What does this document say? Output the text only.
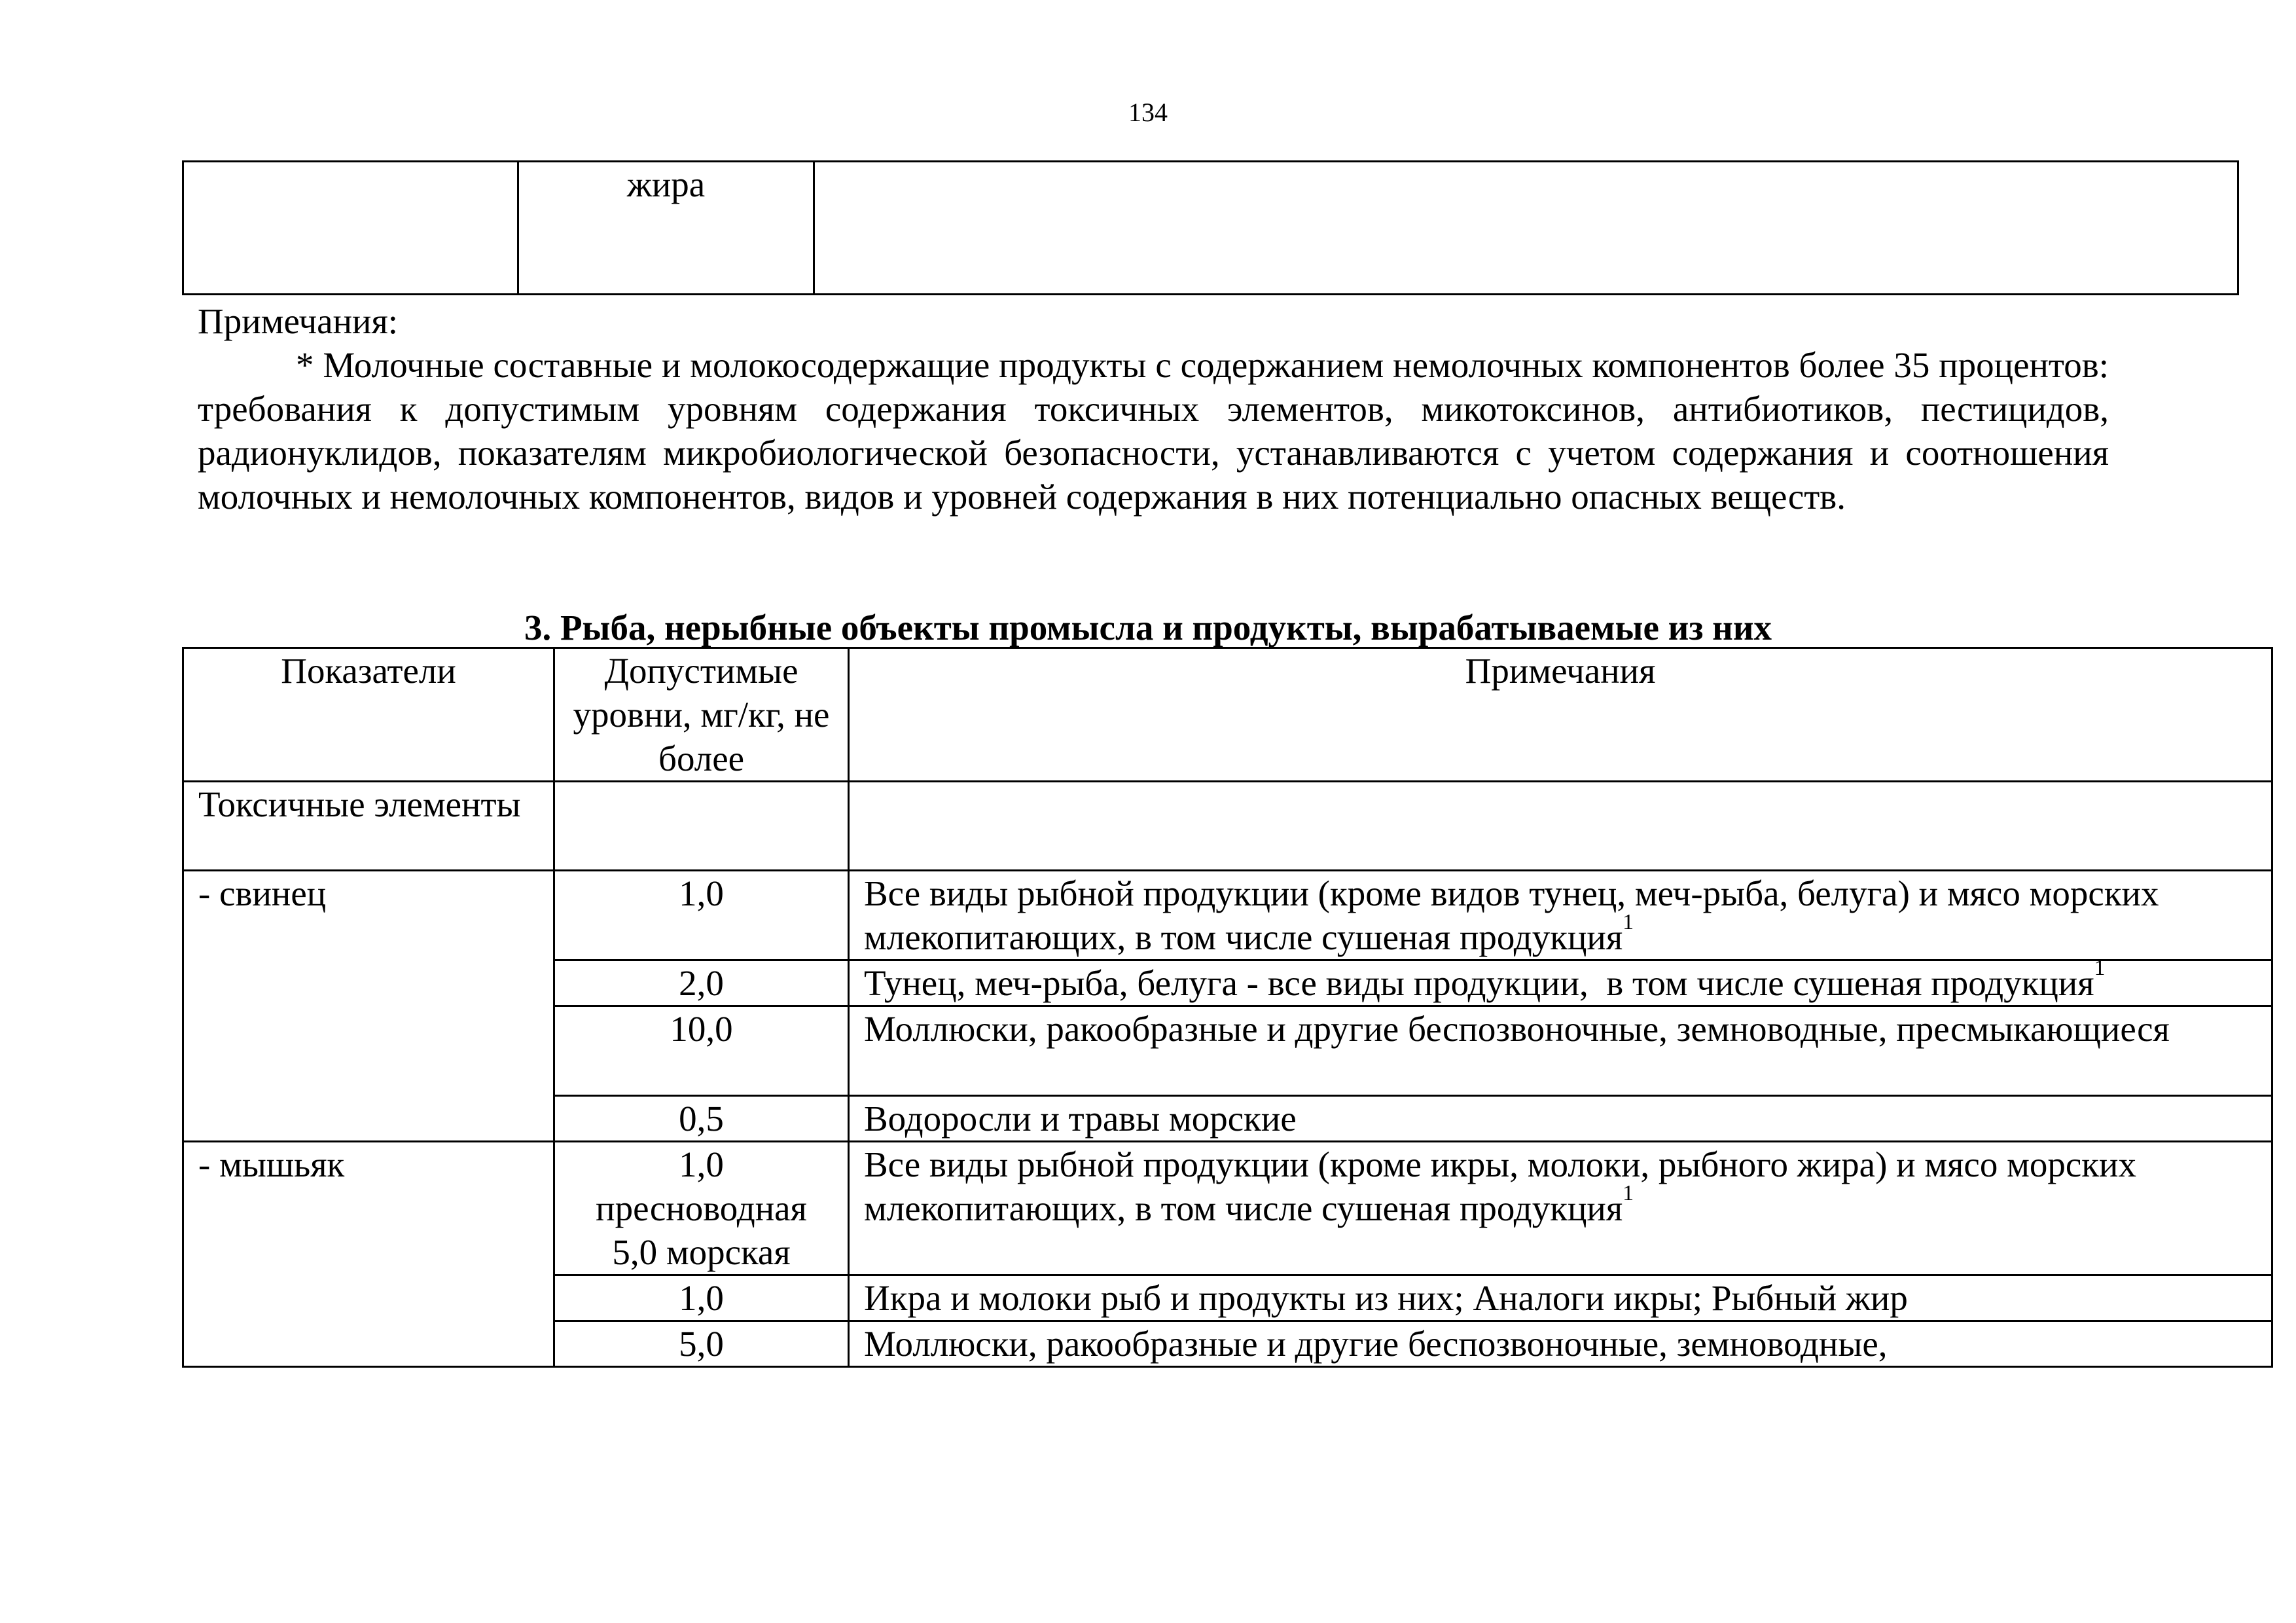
134
	жира	
Примечания:
* Молочные составные и молокосодержащие продукты с содержанием немолочных компонентов более 35 процентов: требования к допустимым уровням содержания токсичных элементов, микотоксинов, антибиотиков, пестицидов, радионуклидов, показателям микробиологической безопасности, устанавливаются с учетом содержания и соотношения молочных и немолочных компонентов, видов и уровней содержания в них потенциально опасных веществ.
3. Рыба, нерыбные объекты промысла и продукты, вырабатываемые из них
Показатели	Допустимые уровни, мг/кг, не более	Примечания
Токсичные элементы		
- свинец	1,0	Все виды рыбной продукции (кроме видов тунец, меч-рыба, белуга) и мясо морских млекопитающих, в том числе сушеная продукция$^1$
	2,0	Тунец, меч-рыба, белуга - все виды продукции,  в том числе сушеная продукция$^1$
	10,0	Моллюски, ракообразные и другие беспозвоночные, земноводные, пресмыкающиеся
	0,5	Водоросли и травы морские
- мышьяк	1,0 пресноводная 5,0 морская	Все виды рыбной продукции (кроме икры, молоки, рыбного жира) и мясо морских млекопитающих, в том числе сушеная продукция$^1$
	1,0	Икра и молоки рыб и продукты из них; Аналоги икры; Рыбный жир
	5,0	Моллюски, ракообразные и другие беспозвоночные, земноводные,
